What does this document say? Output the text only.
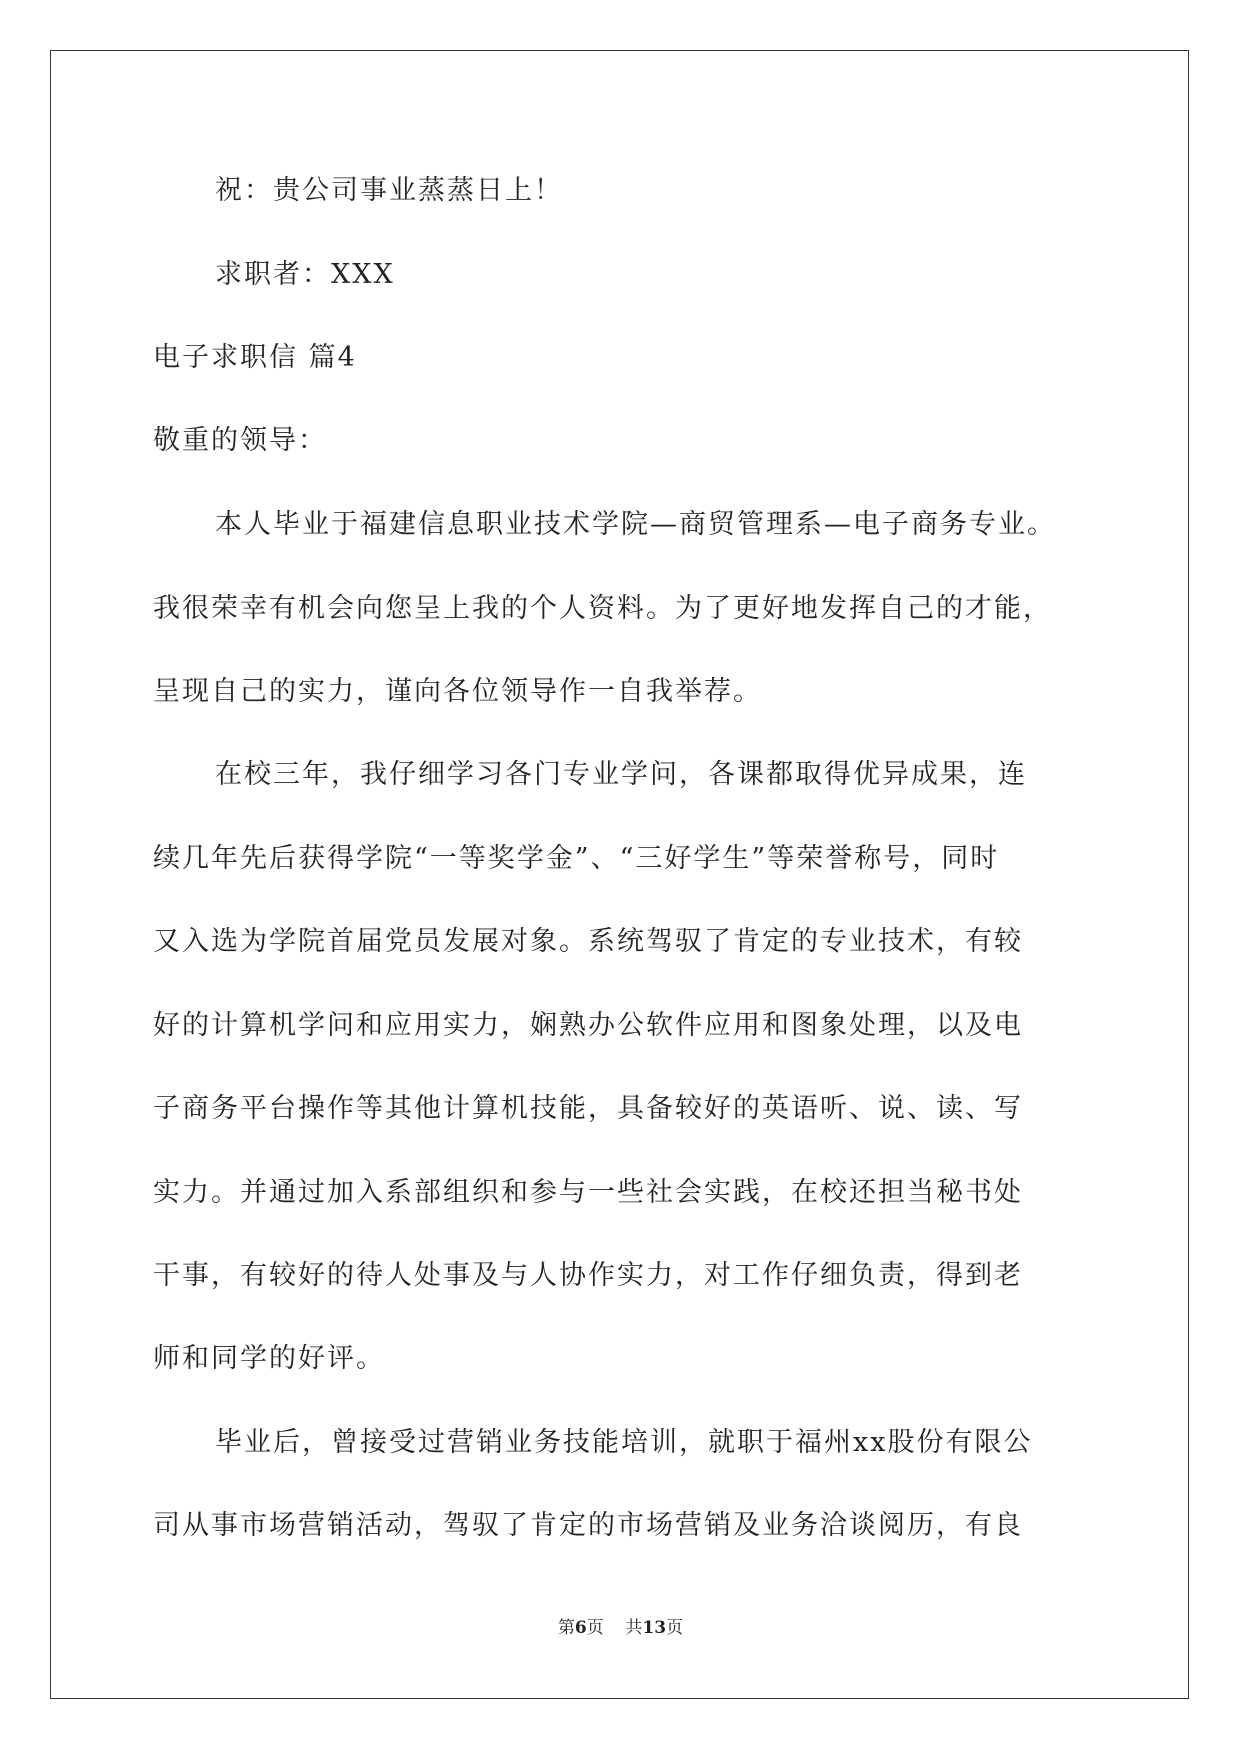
祝：贵公司事业蒸蒸日上！
求职者：XXX
电子求职信 篇4
敬重的领导：
本人毕业于福建信息职业技术学院—商贸管理系—电子商务专业。
我很荣幸有机会向您呈上我的个人资料。为了更好地发挥自己的才能，
呈现自己的实力，谨向各位领导作一自我举荐。
在校三年，我仔细学习各门专业学问，各课都取得优异成果，连
续几年先后获得学院“一等奖学金”、“三好学生”等荣誉称号，同时
又入选为学院首届党员发展对象。系统驾驭了肯定的专业技术，有较
好的计算机学问和应用实力，娴熟办公软件应用和图象处理，以及电
子商务平台操作等其他计算机技能，具备较好的英语听、说、读、写
实力。并通过加入系部组织和参与一些社会实践，在校还担当秘书处
干事，有较好的待人处事及与人协作实力，对工作仔细负责，得到老
师和同学的好评。
毕业后，曾接受过营销业务技能培训，就职于福州xx股份有限公
司从事市场营销活动，驾驭了肯定的市场营销及业务洽谈阅历，有良
第6页 共13页
